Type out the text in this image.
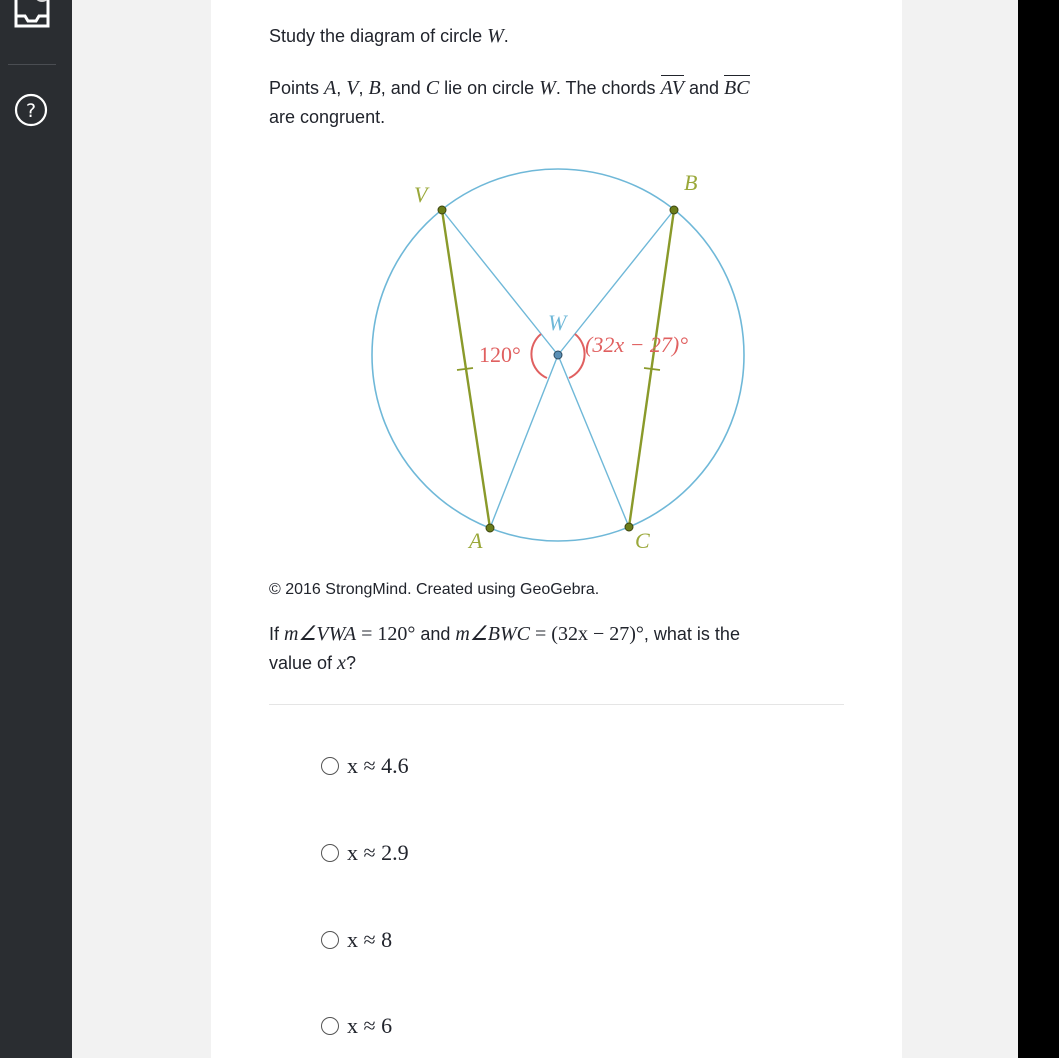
?
Study the diagram of circle W.
Points A, V, B, and C lie on circle W. The chords AV and BC
are congruent.
V	B
W
A	C
120°	(32x − 27)°
© 2016 StrongMind. Created using GeoGebra.
If m∠VWA = 120° and m∠BWC = (32x − 27)°, what is the
value of x?
x ≈ 4.6
x ≈ 2.9
x ≈ 8
x ≈ 6
